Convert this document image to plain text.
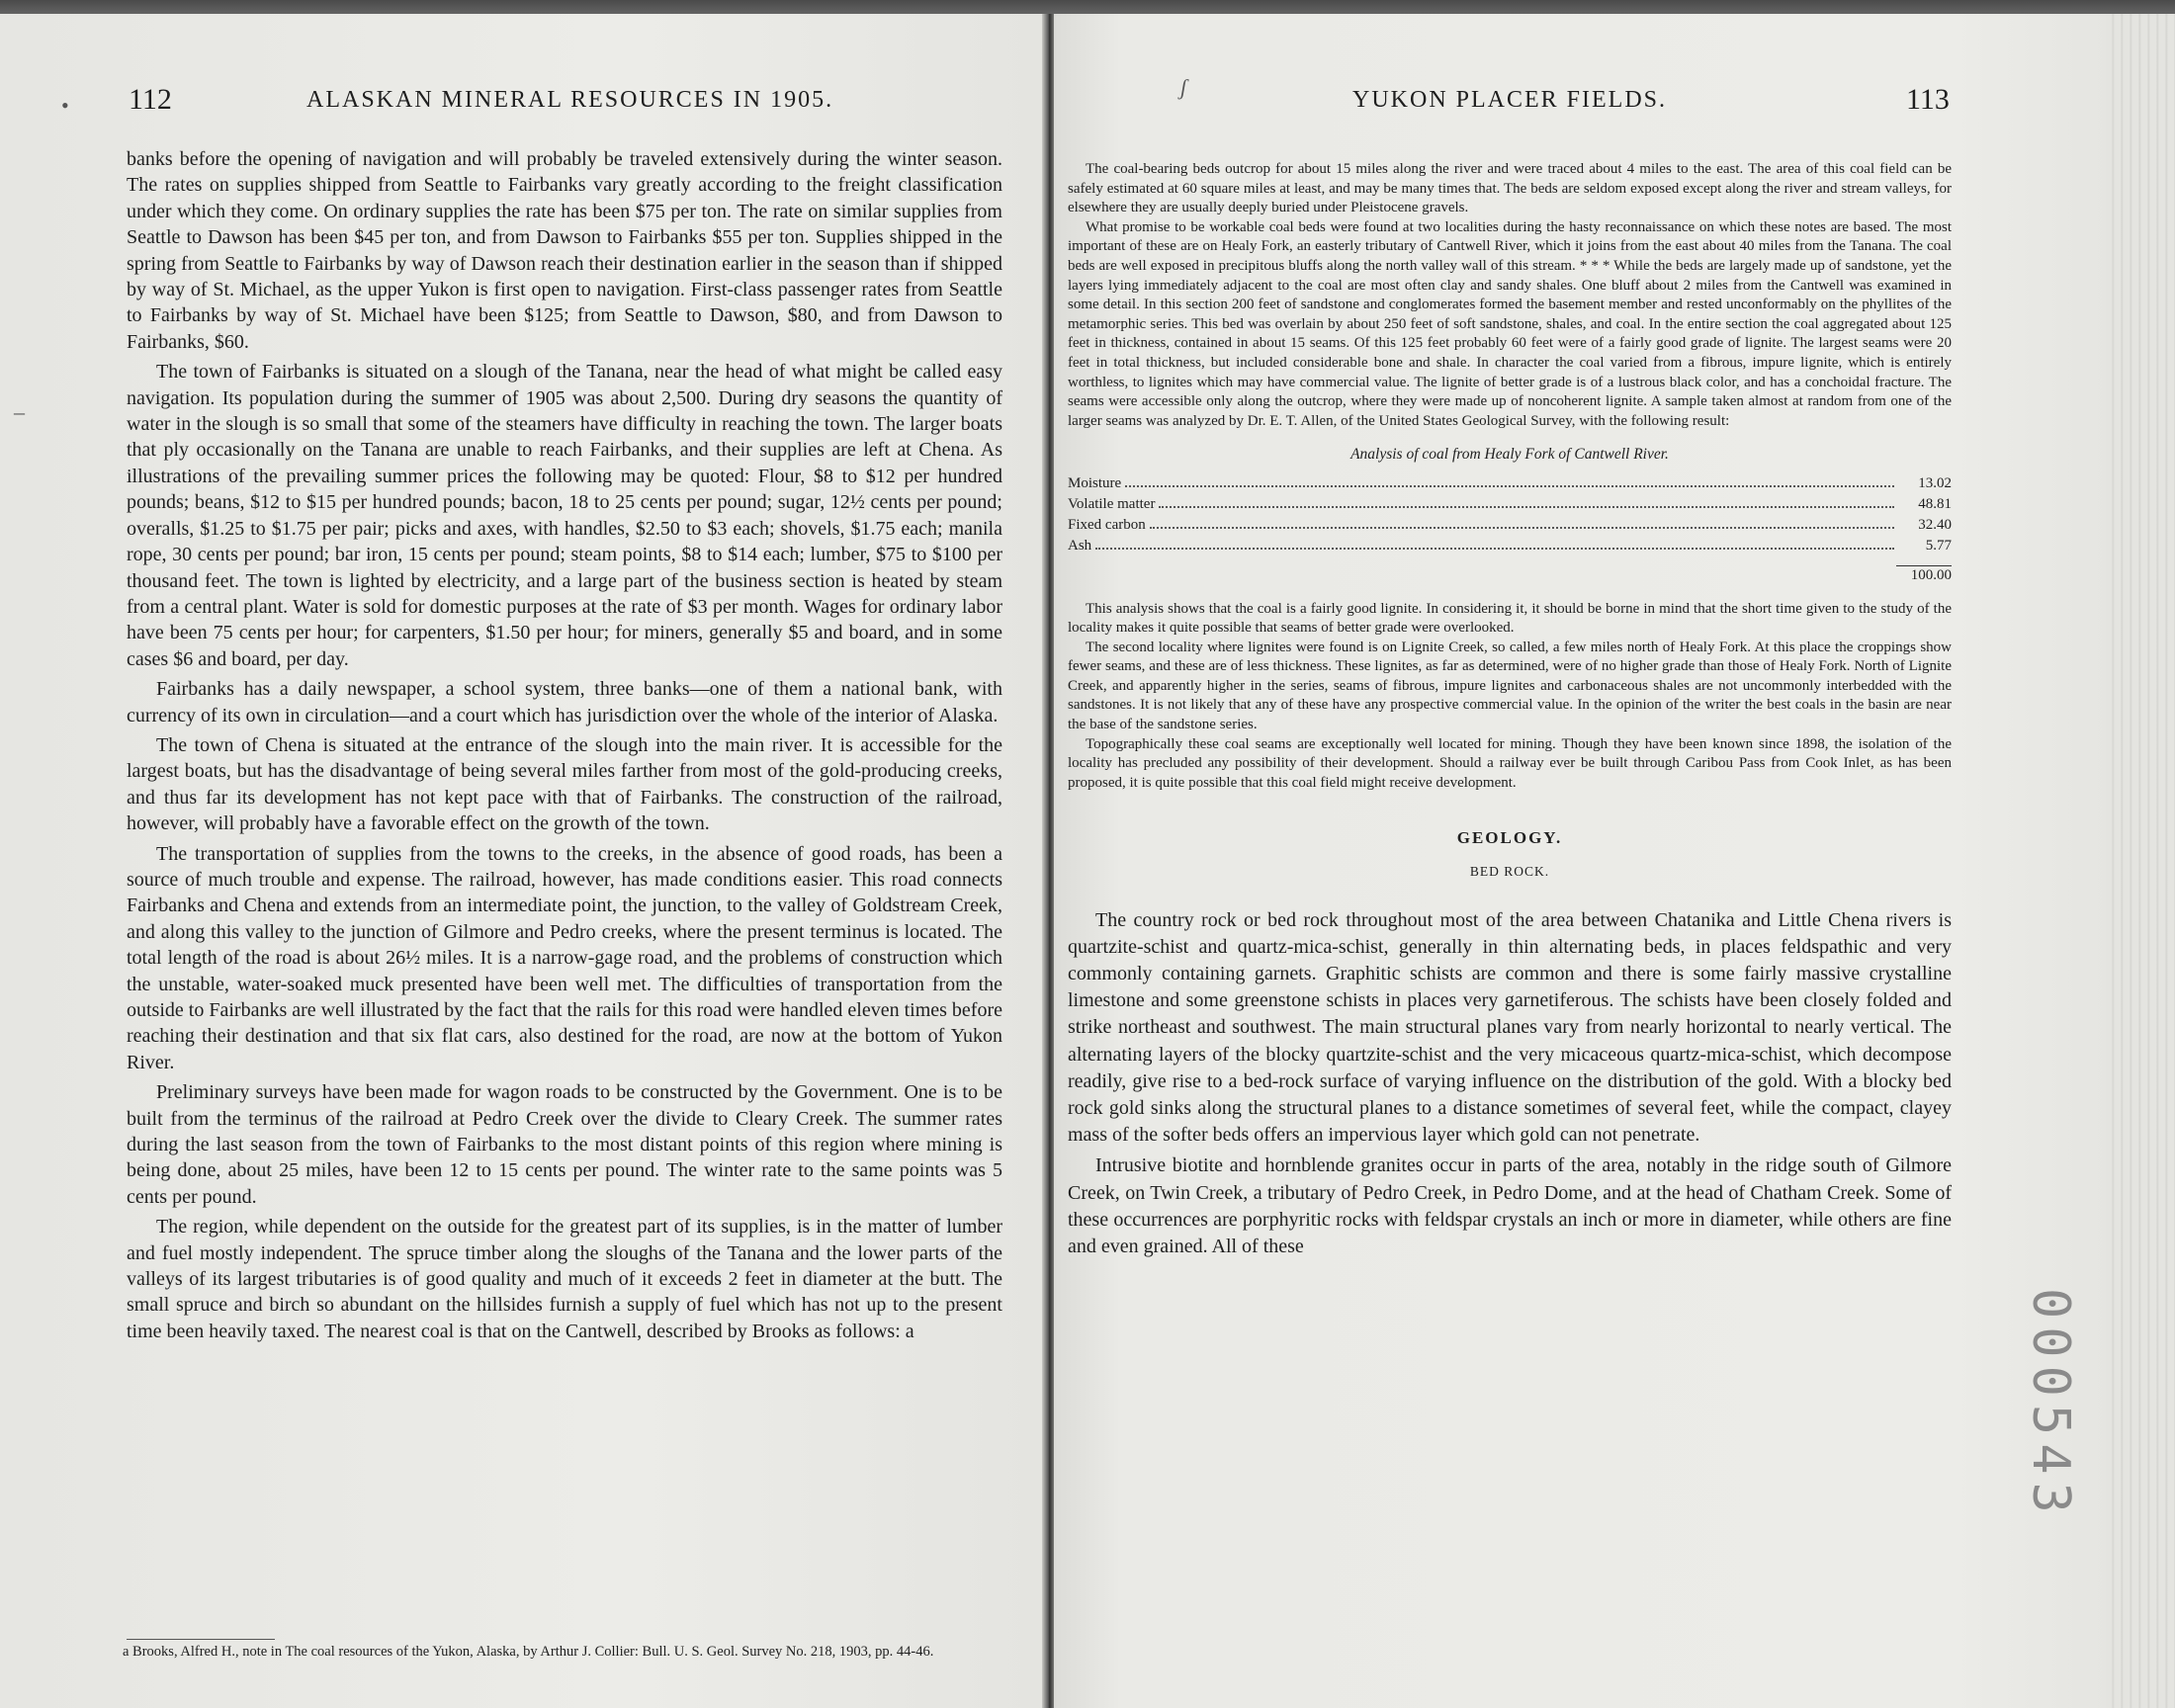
112	ALASKAN MINERAL RESOURCES IN 1905.
•
–

banks before the opening of navigation and will probably be traveled extensively during the winter season. The rates on supplies shipped from Seattle to Fairbanks vary greatly according to the freight classification under which they come. On ordinary supplies the rate has been $75 per ton. The rate on similar supplies from Seattle to Dawson has been $45 per ton, and from Dawson to Fairbanks $55 per ton. Supplies shipped in the spring from Seattle to Fairbanks by way of Dawson reach their destination earlier in the season than if shipped by way of St. Michael, as the upper Yukon is first open to navigation. First-class passenger rates from Seattle to Fairbanks by way of St. Michael have been $125; from Seattle to Dawson, $80, and from Dawson to Fairbanks, $60.

The town of Fairbanks is situated on a slough of the Tanana, near the head of what might be called easy navigation. Its population during the summer of 1905 was about 2,500. During dry seasons the quantity of water in the slough is so small that some of the steamers have difficulty in reaching the town. The larger boats that ply occasionally on the Tanana are unable to reach Fairbanks, and their supplies are left at Chena. As illustrations of the prevailing summer prices the following may be quoted: Flour, $8 to $12 per hundred pounds; beans, $12 to $15 per hundred pounds; bacon, 18 to 25 cents per pound; sugar, 12½ cents per pound; overalls, $1.25 to $1.75 per pair; picks and axes, with handles, $2.50 to $3 each; shovels, $1.75 each; manila rope, 30 cents per pound; bar iron, 15 cents per pound; steam points, $8 to $14 each; lumber, $75 to $100 per thousand feet. The town is lighted by electricity, and a large part of the business section is heated by steam from a central plant. Water is sold for domestic purposes at the rate of $3 per month. Wages for ordinary labor have been 75 cents per hour; for carpenters, $1.50 per hour; for miners, generally $5 and board, and in some cases $6 and board, per day.

Fairbanks has a daily newspaper, a school system, three banks—one of them a national bank, with currency of its own in circulation—and a court which has jurisdiction over the whole of the interior of Alaska.

The town of Chena is situated at the entrance of the slough into the main river. It is accessible for the largest boats, but has the disadvantage of being several miles farther from most of the gold-producing creeks, and thus far its development has not kept pace with that of Fairbanks. The construction of the railroad, however, will probably have a favorable effect on the growth of the town.

The transportation of supplies from the towns to the creeks, in the absence of good roads, has been a source of much trouble and expense. The railroad, however, has made conditions easier. This road connects Fairbanks and Chena and extends from an intermediate point, the junction, to the valley of Goldstream Creek, and along this valley to the junction of Gilmore and Pedro creeks, where the present terminus is located. The total length of the road is about 26½ miles. It is a narrow-gage road, and the problems of construction which the unstable, water-soaked muck presented have been well met. The difficulties of transportation from the outside to Fairbanks are well illustrated by the fact that the rails for this road were handled eleven times before reaching their destination and that six flat cars, also destined for the road, are now at the bottom of Yukon River.

Preliminary surveys have been made for wagon roads to be constructed by the Government. One is to be built from the terminus of the railroad at Pedro Creek over the divide to Cleary Creek. The summer rates during the last season from the town of Fairbanks to the most distant points of this region where mining is being done, about 25 miles, have been 12 to 15 cents per pound. The winter rate to the same points was 5 cents per pound.

The region, while dependent on the outside for the greatest part of its supplies, is in the matter of lumber and fuel mostly independent. The spruce timber along the sloughs of the Tanana and the lower parts of the valleys of its largest tributaries is of good quality and much of it exceeds 2 feet in diameter at the butt. The small spruce and birch so abundant on the hillsides furnish a supply of fuel which has not up to the present time been heavily taxed. The nearest coal is that on the Cantwell, described by Brooks as follows: a

a Brooks, Alfred H., note in The coal resources of the Yukon, Alaska, by Arthur J. Collier: Bull. U. S. Geol. Survey No. 218, 1903, pp. 44-46.
YUKON PLACER FIELDS.	113
ʃ

The coal-bearing beds outcrop for about 15 miles along the river and were traced about 4 miles to the east. The area of this coal field can be safely estimated at 60 square miles at least, and may be many times that. The beds are seldom exposed except along the river and stream valleys, for elsewhere they are usually deeply buried under Pleistocene gravels.

What promise to be workable coal beds were found at two localities during the hasty reconnaissance on which these notes are based. The most important of these are on Healy Fork, an easterly tributary of Cantwell River, which it joins from the east about 40 miles from the Tanana. The coal beds are well exposed in precipitous bluffs along the north valley wall of this stream. * * * While the beds are largely made up of sandstone, yet the layers lying immediately adjacent to the coal are most often clay and sandy shales. One bluff about 2 miles from the Cantwell was examined in some detail. In this section 200 feet of sandstone and conglomerates formed the basement member and rested unconformably on the phyllites of the metamorphic series. This bed was overlain by about 250 feet of soft sandstone, shales, and coal. In the entire section the coal aggregated about 125 feet in thickness, contained in about 15 seams. Of this 125 feet probably 60 feet were of a fairly good grade of lignite. The largest seams were 20 feet in total thickness, but included considerable bone and shale. In character the coal varied from a fibrous, impure lignite, which is entirely worthless, to lignites which may have commercial value. The lignite of better grade is of a lustrous black color, and has a conchoidal fracture. The seams were accessible only along the outcrop, where they were made up of noncoherent lignite. A sample taken almost at random from one of the larger seams was analyzed by Dr. E. T. Allen, of the United States Geological Survey, with the following result:

Analysis of coal from Healy Fork of Cantwell River.
Moisture	13.02
Volatile matter	48.81
Fixed carbon	32.40
Ash	5.77
100.00

This analysis shows that the coal is a fairly good lignite. In considering it, it should be borne in mind that the short time given to the study of the locality makes it quite possible that seams of better grade were overlooked.

The second locality where lignites were found is on Lignite Creek, so called, a few miles north of Healy Fork. At this place the croppings show fewer seams, and these are of less thickness. These lignites, as far as determined, were of no higher grade than those of Healy Fork. North of Lignite Creek, and apparently higher in the series, seams of fibrous, impure lignites and carbonaceous shales are not uncommonly interbedded with the sandstones. It is not likely that any of these have any prospective commercial value. In the opinion of the writer the best coals in the basin are near the base of the sandstone series.

Topographically these coal seams are exceptionally well located for mining. Though they have been known since 1898, the isolation of the locality has precluded any possibility of their development. Should a railway ever be built through Caribou Pass from Cook Inlet, as has been proposed, it is quite possible that this coal field might receive development.

GEOLOGY.
BED ROCK.

The country rock or bed rock throughout most of the area between Chatanika and Little Chena rivers is quartzite-schist and quartz-mica-schist, generally in thin alternating beds, in places feldspathic and very commonly containing garnets. Graphitic schists are common and there is some fairly massive crystalline limestone and some greenstone schists in places very garnetiferous. The schists have been closely folded and strike northeast and southwest. The main structural planes vary from nearly horizontal to nearly vertical. The alternating layers of the blocky quartzite-schist and the very micaceous quartz-mica-schist, which decompose readily, give rise to a bed-rock surface of varying influence on the distribution of the gold. With a blocky bed rock gold sinks along the structural planes to a distance sometimes of several feet, while the compact, clayey mass of the softer beds offers an impervious layer which gold can not penetrate.

Intrusive biotite and hornblende granites occur in parts of the area, notably in the ridge south of Gilmore Creek, on Twin Creek, a tributary of Pedro Creek, in Pedro Dome, and at the head of Chatham Creek. Some of these occurrences are porphyritic rocks with feldspar crystals an inch or more in diameter, while others are fine and even grained. All of these

000543
